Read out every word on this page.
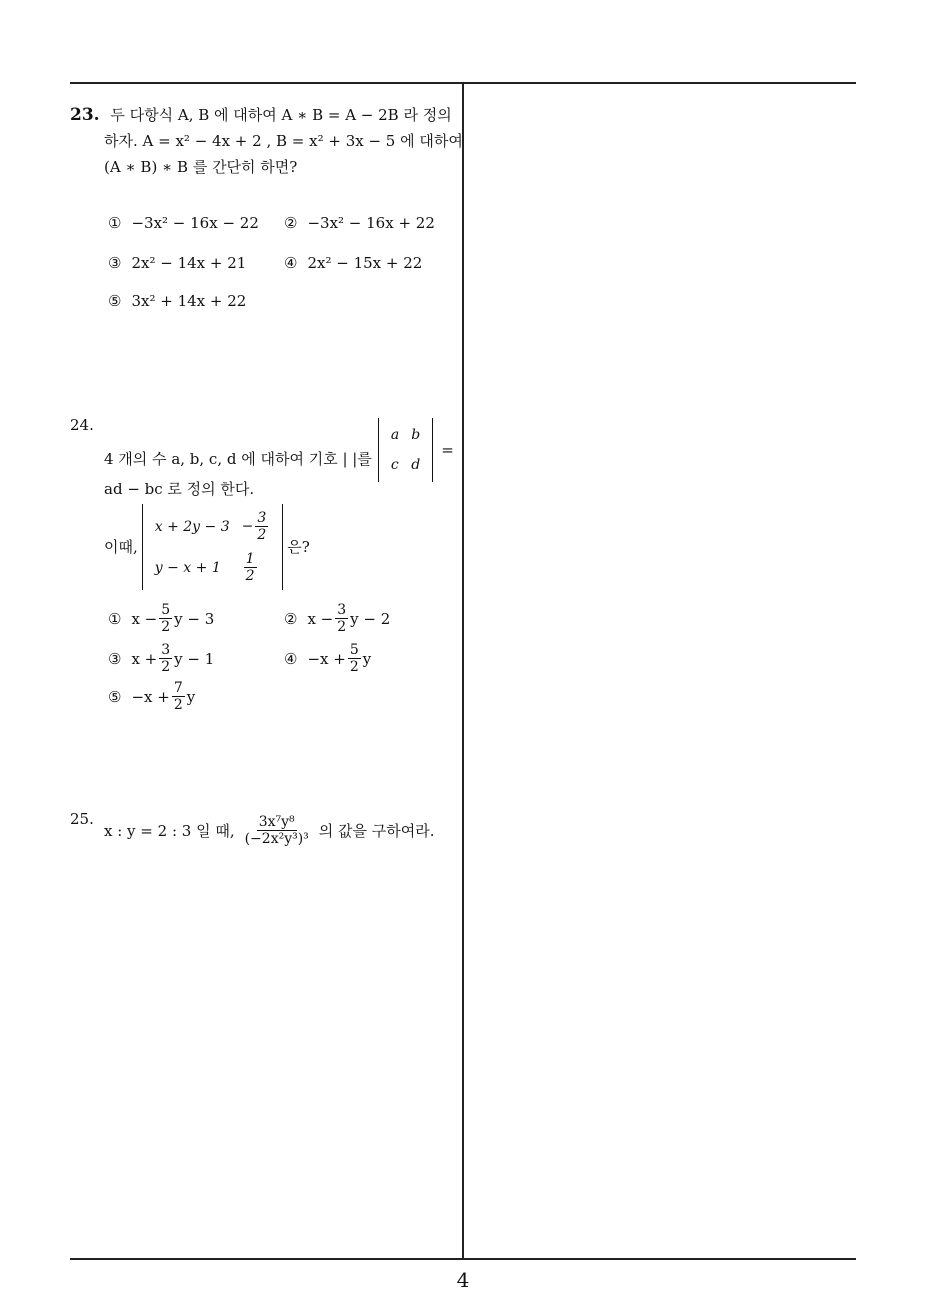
23. 두 다항식 A, B 에 대하여 A ∗ B = A − 2B 라 정의
하자. A = x² − 4x + 2 , B = x² + 3x − 5 에 대하여
(A ∗ B) ∗ B 를 간단히 하면?
① −3x² − 16x − 22 ② −3x² − 16x + 22
③ 2x² − 14x + 21	④ 2x² − 15x + 22
⑤ 3x² + 14x + 22
24.
4 개의 수 a, b, c, d 에 대하여 기호 | |를
a	b
c	d
=
ad − bc 로 정의 한다.
이때,
x + 2y − 3	− $\frac{3}{2}$

y − x + 1	$\frac{1}{2}$
은?
① $x - \frac{5}{2}$ y − 3	② $x - \frac{3}{2}$ y − 2
③ $x + \frac{3}{2}$ y − 1	④ $-x + \frac{5}{2}$ y
⑤ $-x + \frac{7}{2}$ y
25.
x : y = 2 : 3 일 때, $\frac{\text{3x⁷y⁸}}{\text{(−2x²y³)³}}$ 의 값을 구하여라.
4
